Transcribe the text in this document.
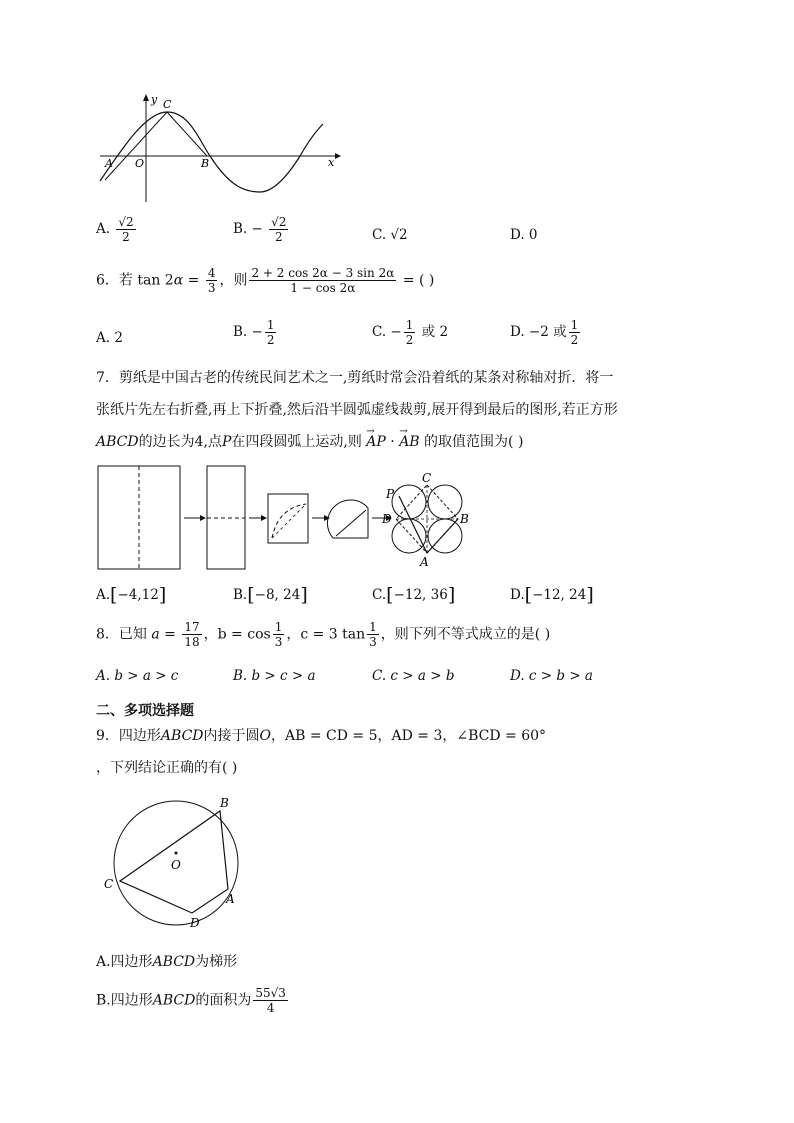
y C
A O	B	x
A. $\frac{√2}{2}$	B. − $\frac{√2}{2}$	C. √2	D. 0
6．若 $\tan 2\alpha = \frac{4}{3}$ ，则 $\frac{2 + 2 \cos 2\alpha - 3 \sin 2\alpha}{1 - \cos 2\alpha}$ = ( )
A. 2	B. − $\frac{1}{2}$	C. − $\frac{1}{2}$ 或 2	D. −2 或 $\frac{1}{2}$
7．剪纸是中国古老的传统民间艺术之一,剪纸时常会沿着纸的某条对称轴对折．将一
张纸片先左右折叠,再上下折叠,然后沿半圆弧虚线裁剪,展开得到最后的图形,若正方形
ABCD的边长为4,点P在四段圆弧上运动,则 → AP · → AB 的取值范围为( )
P
C
D	B
A
A.[−4,12]	B.[−8, 24]	C.[−12, 36]	D.[−12, 24]
8．已知 $a = \frac{17}{18}$ ，$b = \cos \frac{1}{3}$ ，c = 3 $\tan \frac{1}{3}$ ，则下列不等式成立的是( )
A. b > a > c	B. b > c > a	C. c > a > b	D. c > b > a
二、多项选择题
9．四边形ABCD内接于圆O，AB = CD = 5，AD = 3，∠BCD = 60°
，下列结论正确的有( )
B
O
C
A
D
A.四边形ABCD为梯形
B.四边形ABCD的面积为 $\frac{55√3}{4}$
